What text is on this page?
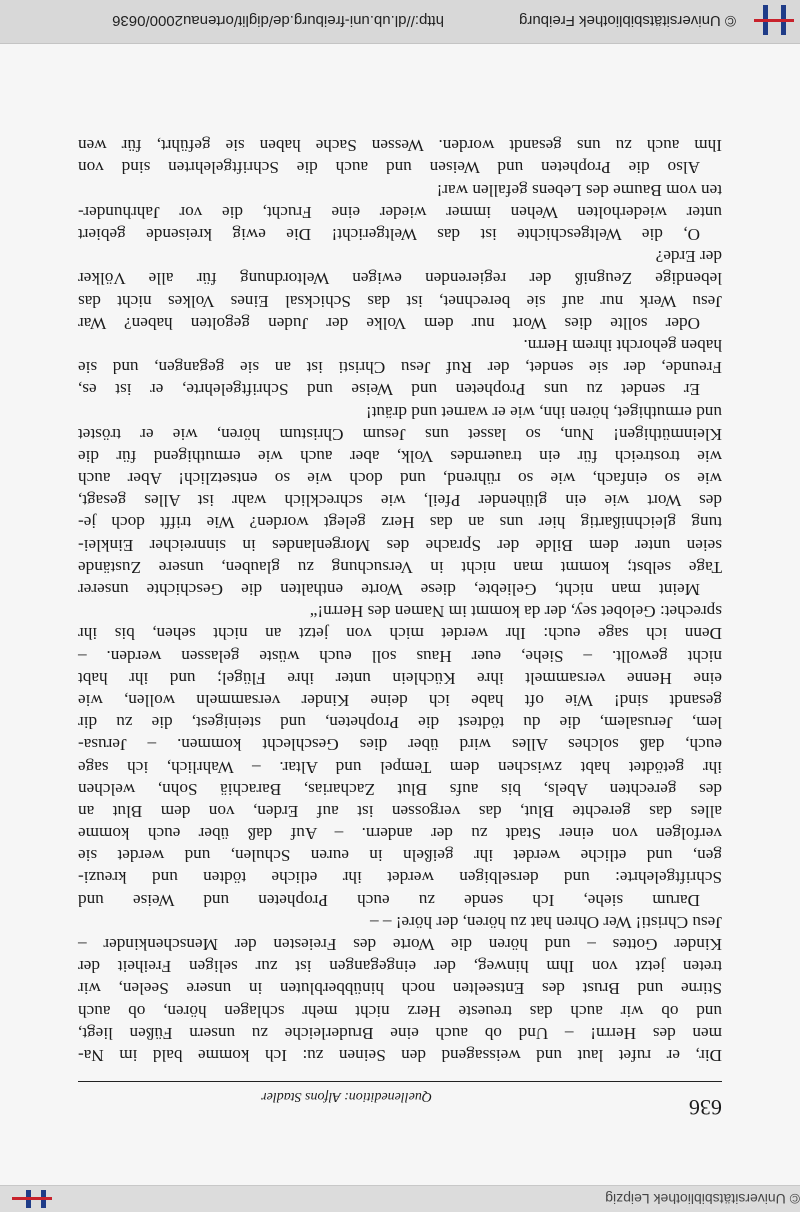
© Universitätsbibliothek Leipzig
636
Quellenedition: Alfons Stadler
Dir, er rufet laut und weissagend den Seinen zu: Ich komme bald im Na-
men des Herrn! – Und ob auch eine Bruderleiche zu unsern Füßen liegt,
und ob wir auch das treueste Herz nicht mehr schlagen hören, ob auch
Stirne und Brust des Entseelten noch hinübberbluten in unsere Seelen, wir
treten jetzt von Ihm hinweg, der eingegangen ist zur seligen Freiheit der
Kinder Gottes – und hören die Worte des Freiesten der Menschenkinder –
Jesu Christi! Wer Ohren hat zu hören, der höre! – –
Darum siehe, Ich sende zu euch Propheten und Weise und
Schriftgelehrte: und derselbigen werdet ihr etliche tödten und kreuzi-
gen, und etliche werdet ihr geißeln in euren Schulen, und werdet sie
verfolgen von einer Stadt zu der andern. – Auf daß über euch komme
alles das gerechte Blut, das vergossen ist auf Erden, von dem Blut an
des gerechten Abels, bis aufs Blut Zacharias, Barachiä Sohn, welchen
ihr getödtet habt zwischen dem Tempel und Altar. – Wahrlich, ich sage
euch, daß solches Alles wird über dies Geschlecht kommen. – Jerusa-
lem, Jerusalem, die du tödtest die Propheten, und steinigest, die zu dir
gesandt sind! Wie oft habe ich deine Kinder versammeln wollen, wie
eine Henne versammelt ihre Küchlein unter ihre Flügel; und ihr habt
nicht gewollt. – Siehe, euer Haus soll euch wüste gelassen werden. –
Denn ich sage euch: Ihr werdet mich von jetzt an nicht sehen, bis ihr
sprechet: Gelobet sey, der da kommt im Namen des Herrn!“
Meint man nicht, Geliebte, diese Worte enthalten die Geschichte unserer
Tage selbst; kommt man nicht in Versuchung zu glauben, unsere Zustände
seien unter dem Bilde der Sprache des Morgenlandes in sinnreicher Einklei-
tung gleichnißartig hier uns an das Herz gelegt worden? Wie trifft doch je-
des Wort wie ein glühender Pfeil, wie schrecklich wahr ist Alles gesagt,
wie so einfach, wie so rührend, und doch wie so entsetzlich! Aber auch
wie trostreich für ein trauerndes Volk, aber auch wie ermuthigend für die
Kleinmüthigen! Nun, so lasset uns Jesum Christum hören, wie er tröstet
und ermuthiget, hören ihn, wie er warnet und dräut!
Er sendet zu uns Propheten und Weise und Schriftgelehrte, er ist es,
Freunde, der sie sendet, der Ruf Jesu Christi ist an sie gegangen, und sie
haben gehorcht ihrem Herrn.
Oder sollte dies Wort nur dem Volke der Juden gegolten haben? War
Jesu Werk nur auf sie berechnet, ist das Schicksal Eines Volkes nicht das
lebendige Zeugniß der regierenden ewigen Weltordnung für alle Völker
der Erde?
O, die Weltgeschichte ist das Weltgericht! Die ewig kreisende gebiert
unter wiederholten Wehen immer wieder eine Frucht, die vor Jahrhunder-
ten vom Baume des Lebens gefallen war!
Also die Propheten und Weisen und auch die Schriftgelehrten sind von
Ihm auch zu uns gesandt worden. Wessen Sache haben sie geführt, für wen
© Universitätsbibliothek Freiburg
http://dl.ub.uni-freiburg.de/diglit/ortenau2000/0636
